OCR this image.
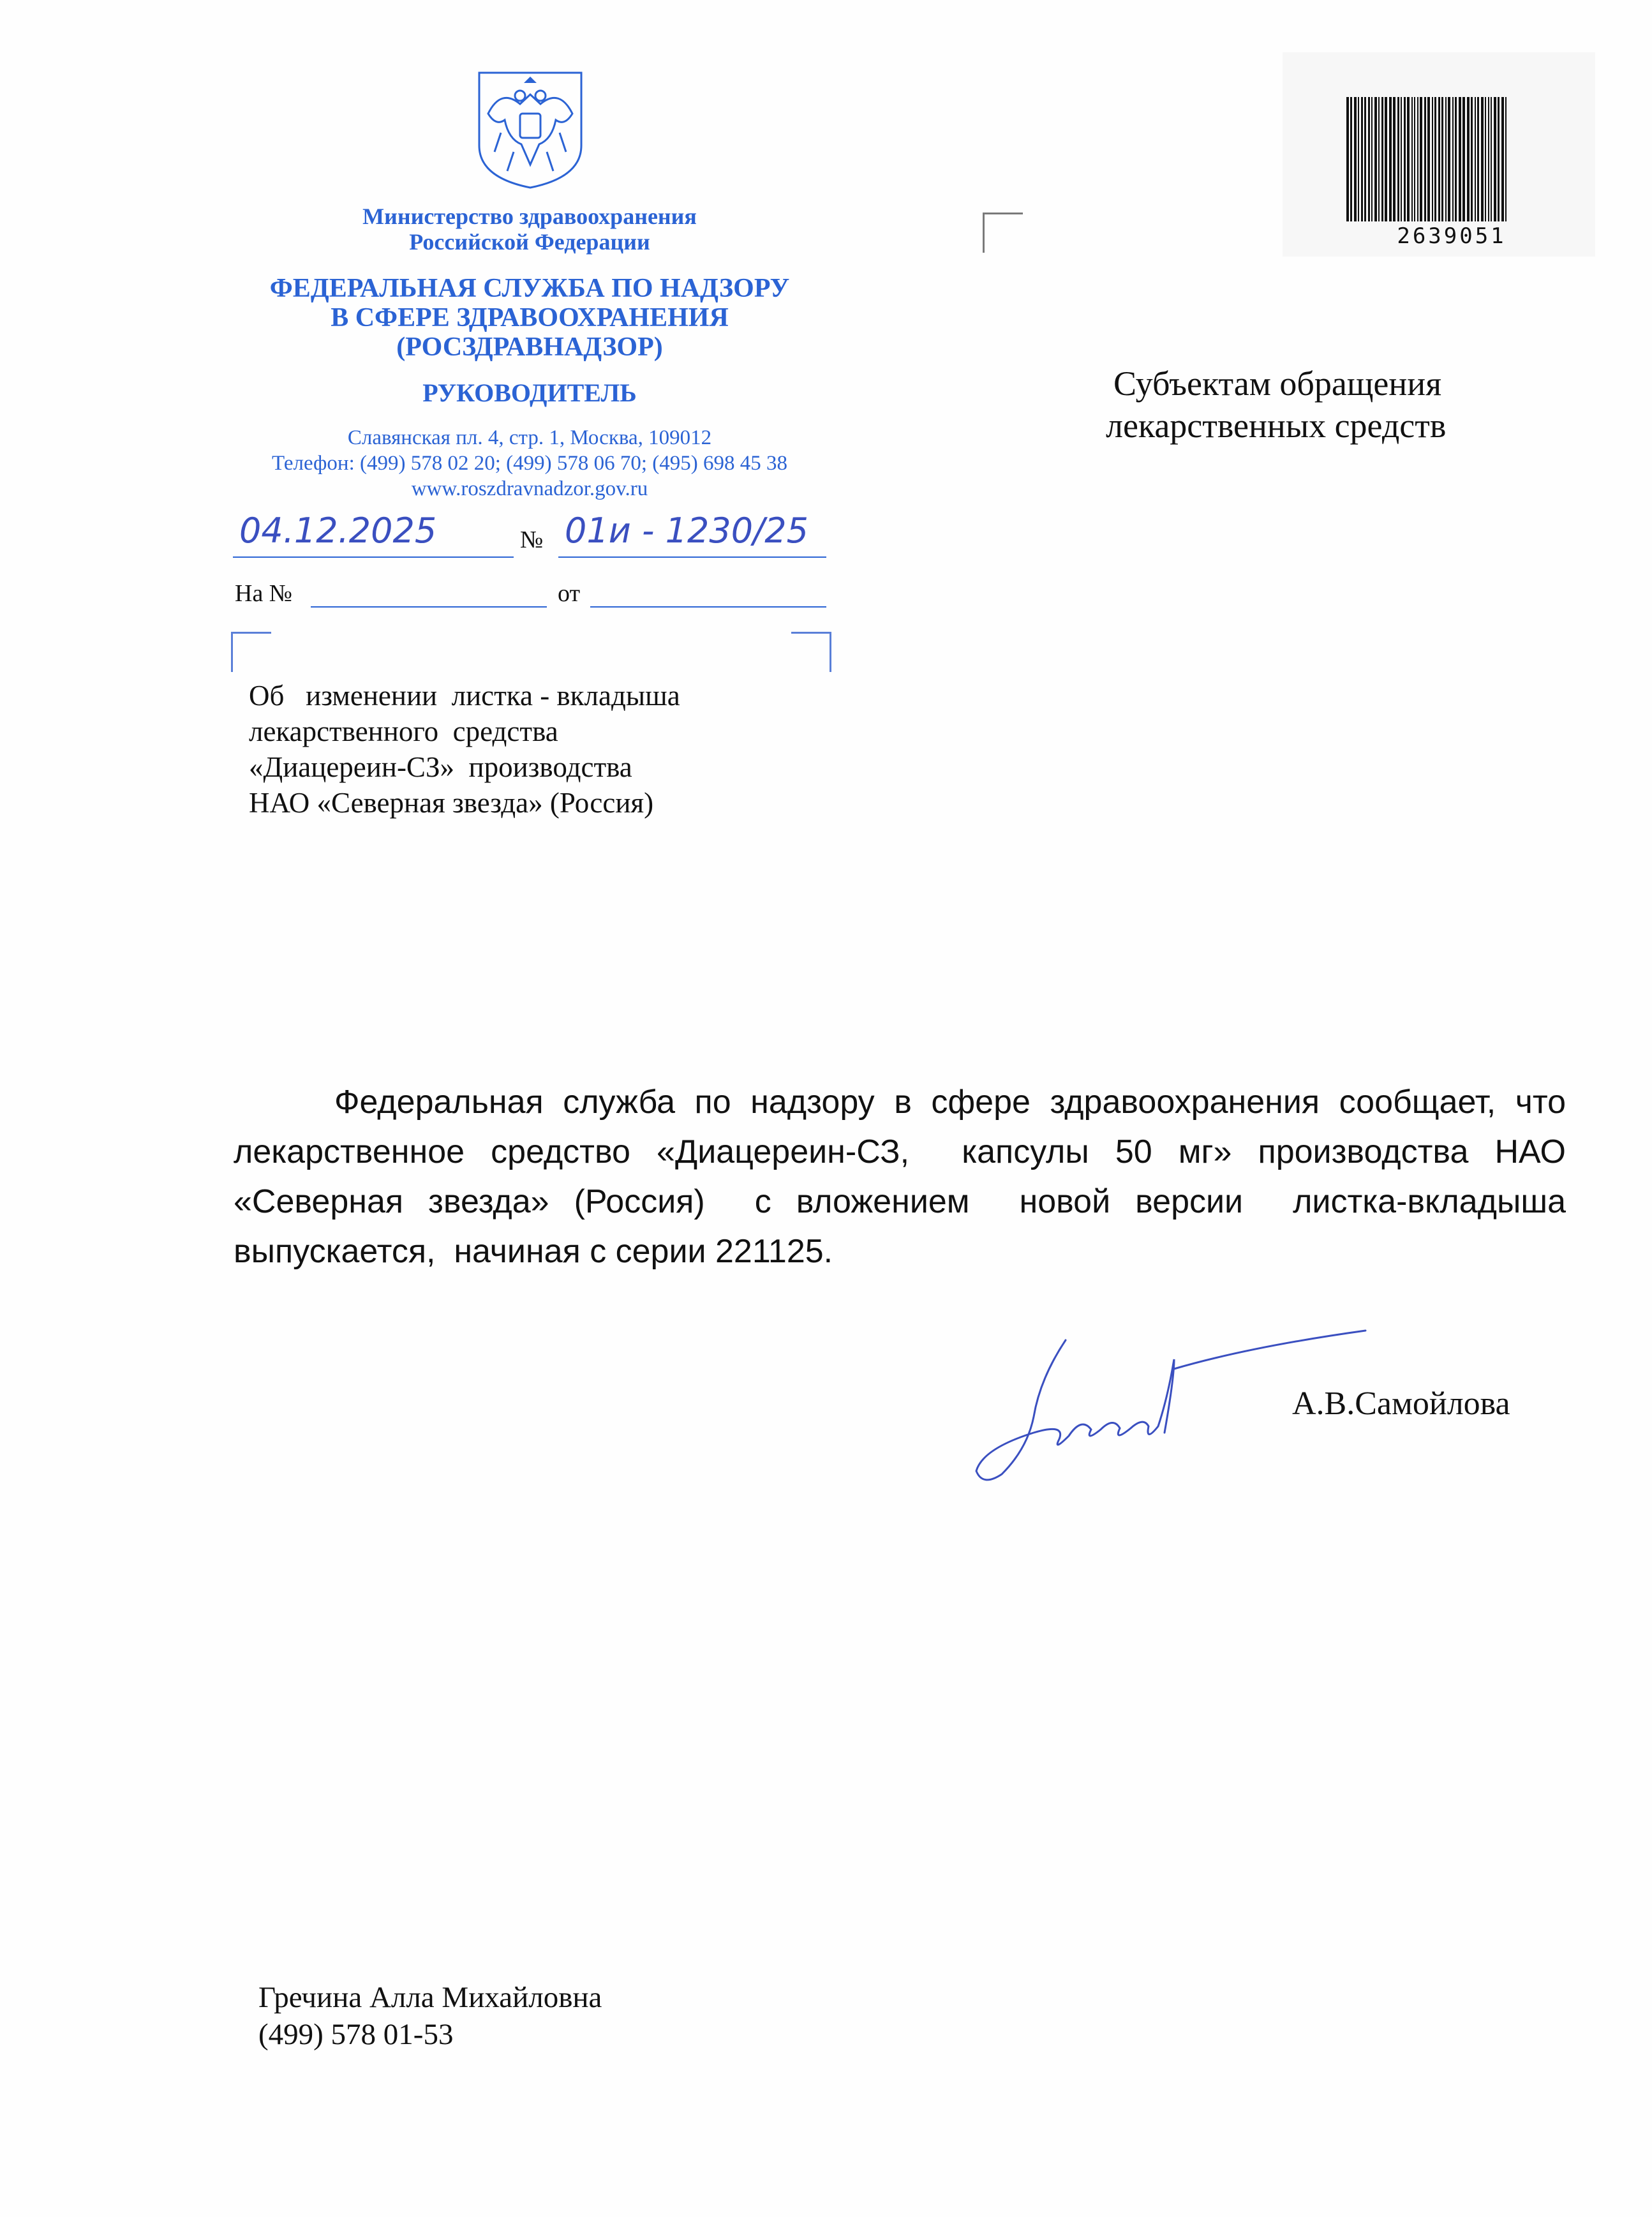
Министерство здравоохранения
Российской Федерации
ФЕДЕРАЛЬНАЯ СЛУЖБА ПО НАДЗОРУ
В СФЕРЕ ЗДРАВООХРАНЕНИЯ
(РОСЗДРАВНАДЗОР)
РУКОВОДИТЕЛЬ
Славянская пл. 4, стр. 1, Москва, 109012
Телефон: (499) 578 02 20; (499) 578 06 70; (495) 698 45 38
www.roszdravnadzor.gov.ru
04.12.2025	№ 01и - 1230/25
На №	от
2639051
Субъектам обращения
лекарственных средств
Об   изменении  листка - вкладыша
лекарственного  средства
«Диацереин-СЗ»  производства
НАО «Северная звезда» (Россия)
Федеральная служба по надзору в сфере здравоохранения сообщает, что лекарственное средство «Диацереин-СЗ,  капсулы 50 мг» производства НАО «Северная звезда» (Россия)  с вложением  новой версии  листка-вкладыша выпускается,  начиная с серии 221125.
А.В.Самойлова
Гречина Алла Михайловна
(499) 578 01-53
